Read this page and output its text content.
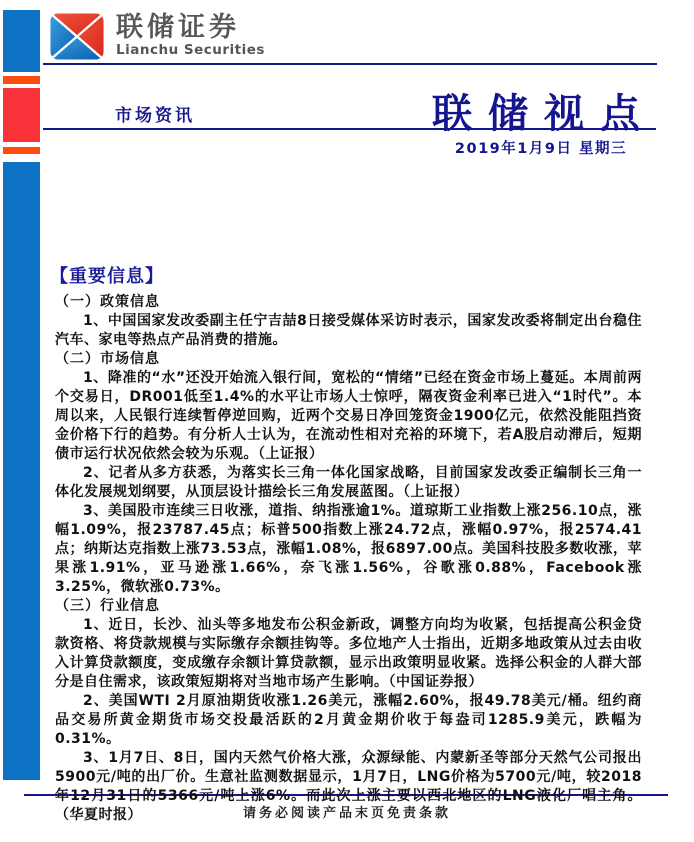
联储证券
Lianchu Securities
市场资讯	联储视点
2019年1月9日 星期三
【重要信息】
（一）政策信息

1、中国国家发改委副主任宁吉喆8日接受媒体采访时表示，国家发改委将制定出台稳住汽车、家电等热点产品消费的措施。

（二）市场信息

1、降准的“水”还没开始流入银行间，宽松的“情绪”已经在资金市场上蔓延。本周前两个交易日，DR001低至1.4%的水平让市场人士惊呼，隔夜资金利率已进入“1时代”。本周以来，人民银行连续暂停逆回购，近两个交易日净回笼资金1900亿元，依然没能阻挡资金价格下行的趋势。有分析人士认为，在流动性相对充裕的环境下，若A股启动滞后，短期债市运行状况依然会较为乐观。（上证报）

2、记者从多方获悉，为落实长三角一体化国家战略，目前国家发改委正编制长三角一体化发展规划纲要，从顶层设计描绘长三角发展蓝图。（上证报）

3、美国股市连续三日收涨，道指、纳指涨逾1%。道琼斯工业指数上涨256.10点，涨幅1.09%，报23787.45点；标普500指数上涨24.72点，涨幅0.97%，报2574.41点；纳斯达克指数上涨73.53点，涨幅1.08%，报6897.00点。美国科技股多数收涨，苹果涨1.91%，亚马逊涨1.66%，奈飞涨1.56%，谷歌涨0.88%，Facebook涨3.25%，微软涨0.73%。

（三）行业信息

1、近日，长沙、汕头等多地发布公积金新政，调整方向均为收紧，包括提高公积金贷款资格、将贷款规模与实际缴存余额挂钩等。多位地产人士指出，近期多地政策从过去由收入计算贷款额度，变成缴存余额计算贷款额，显示出政策明显收紧。选择公积金的人群大部分是自住需求，该政策短期将对当地市场产生影响。（中国证券报）

2、美国WTI 2月原油期货收涨1.26美元，涨幅2.60%，报49.78美元/桶。纽约商品交易所黄金期货市场交投最活跃的2月黄金期价收于每盎司1285.9美元，跌幅为0.31%。

3、1月7日、8日，国内天然气价格大涨，众源绿能、内蒙新圣等部分天然气公司报出5900元/吨的出厂价。生意社监测数据显示，1月7日，LNG价格为5700元/吨，较2018年12月31日的5366元/吨上涨6%。而此次上涨主要以西北地区的LNG液化厂唱主角。（华夏时报）	请务必阅读产品末页免责条款
